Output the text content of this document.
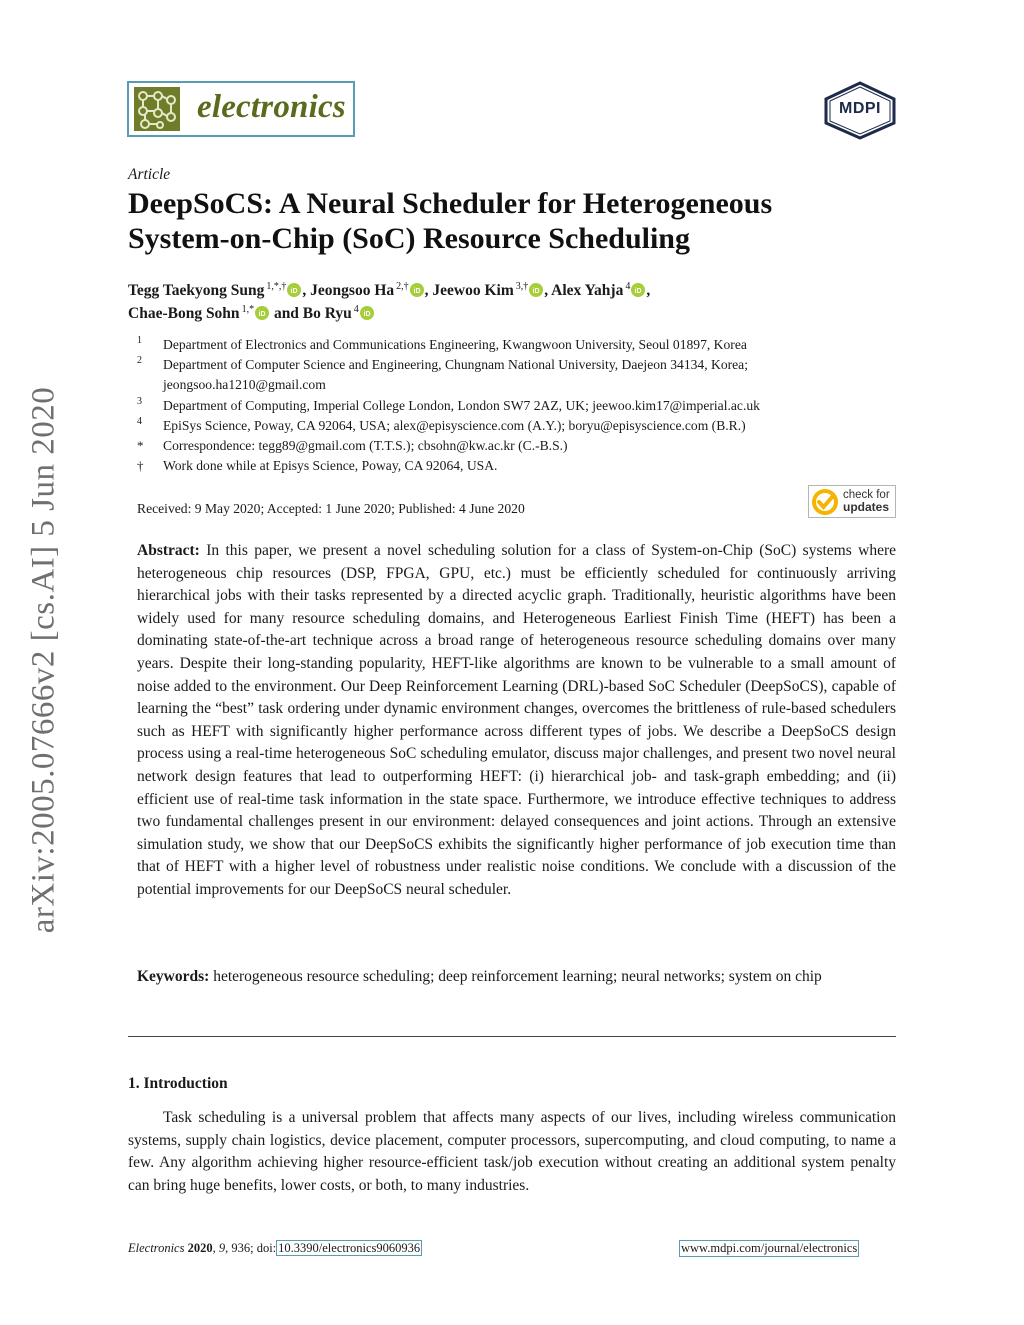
arXiv:2005.07666v2 [cs.AI] 5 Jun 2020
electronics	MDPI
Article
DeepSoCS: A Neural Scheduler for Heterogeneous
System-on-Chip (SoC) Resource Scheduling
Tegg Taekyong Sung $^{1,*,\dagger}$ iD , Jeongsoo Ha $^{2,\dagger}$ iD , Jeewoo Kim $^{3,\dagger}$ iD , Alex Yahja $^4$ iD ,
Chae-Bong Sohn $^{1,*}$ iD and Bo Ryu $^4$ iD
1	Department of Electronics and Communications Engineering, Kwangwoon University, Seoul 01897, Korea
2	Department of Computer Science and Engineering, Chungnam National University, Daejeon 34134, Korea;
jeongsoo.ha1210@gmail.com
3	Department of Computing, Imperial College London, London SW7 2AZ, UK; jeewoo.kim17@imperial.ac.uk
4	EpiSys Science, Poway, CA 92064, USA; alex@episyscience.com (A.Y.); boryu@episyscience.com (B.R.)
*	Correspondence: tegg89@gmail.com (T.T.S.); cbsohn@kw.ac.kr (C.-B.S.)
†	Work done while at Episys Science, Poway, CA 92064, USA.
Received: 9 May 2020; Accepted: 1 June 2020; Published: 4 June 2020
check for
updates
Abstract: In this paper, we present a novel scheduling solution for a class of System-on-Chip (SoC) systems where heterogeneous chip resources (DSP, FPGA, GPU, etc.) must be efficiently scheduled for continuously arriving hierarchical jobs with their tasks represented by a directed acyclic graph. Traditionally, heuristic algorithms have been widely used for many resource scheduling domains, and Heterogeneous Earliest Finish Time (HEFT) has been a dominating state-of-the-art technique across a broad range of heterogeneous resource scheduling domains over many years. Despite their long-standing popularity, HEFT-like algorithms are known to be vulnerable to a small amount of noise added to the environment. Our Deep Reinforcement Learning (DRL)-based SoC Scheduler (DeepSoCS), capable of learning the “best” task ordering under dynamic environment changes, overcomes the brittleness of rule-based schedulers such as HEFT with significantly higher performance across different types of jobs. We describe a DeepSoCS design process using a real-time heterogeneous SoC scheduling emulator, discuss major challenges, and present two novel neural network design features that lead to outperforming HEFT: (i) hierarchical job- and task-graph embedding; and (ii) efficient use of real-time task information in the state space. Furthermore, we introduce effective techniques to address two fundamental challenges present in our environment: delayed consequences and joint actions. Through an extensive simulation study, we show that our DeepSoCS exhibits the significantly higher performance of job execution time than that of HEFT with a higher level of robustness under realistic noise conditions. We conclude with a discussion of the potential improvements for our DeepSoCS neural scheduler.
Keywords: heterogeneous resource scheduling; deep reinforcement learning; neural networks; system on chip
1. Introduction
Task scheduling is a universal problem that affects many aspects of our lives, including wireless communication systems, supply chain logistics, device placement, computer processors, supercomputing, and cloud computing, to name a few. Any algorithm achieving higher resource-efficient task/job execution without creating an additional system penalty can bring huge benefits, lower costs, or both, to many industries.
Electronics 2020, 9, 936; doi: 10.3390/electronics9060936	www.mdpi.com/journal/electronics
